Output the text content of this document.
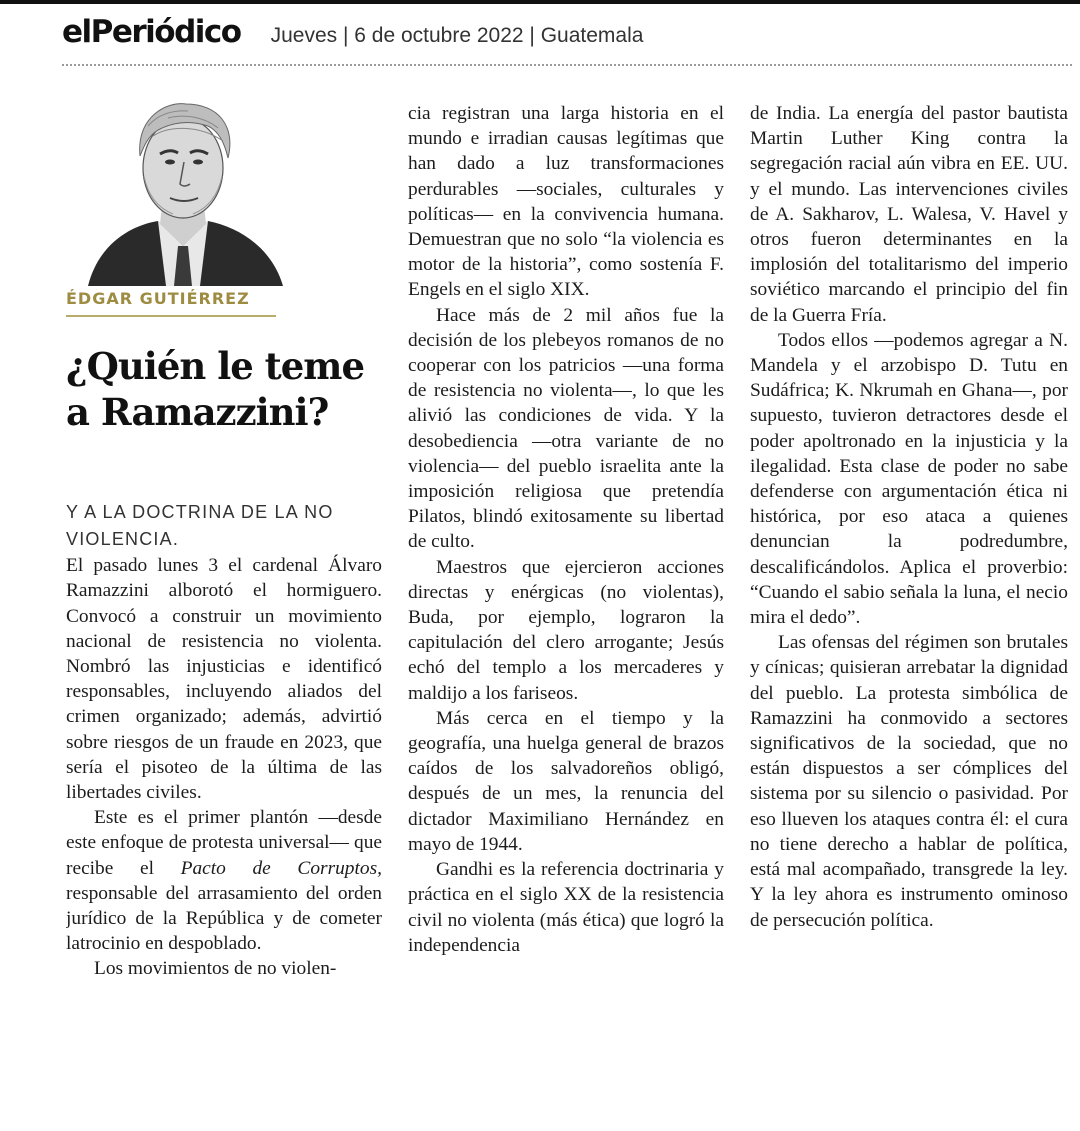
elPeriódico Jueves | 6 de octubre 2022 | Guatemala
ÉDGAR GUTIÉRREZ
¿Quién le teme a Ramazzini?

Y A LA DOCTRINA DE LA NO VIOLENCIA.

El pasado lunes 3 el cardenal Álvaro Ramazzini alborotó el hormiguero. Convocó a construir un movimiento nacional de resistencia no violenta. Nombró las injusticias e identificó responsables, incluyendo aliados del crimen organizado; además, advirtió sobre riesgos de un fraude en 2023, que sería el pisoteo de la última de las libertades civiles.

Este es el primer plantón —desde este enfoque de protesta universal— que recibe el Pacto de Corruptos, responsable del arrasamiento del orden jurídico de la República y de cometer latrocinio en despoblado.

Los movimientos de no violen-

cia registran una larga historia en el mundo e irradian causas legítimas que han dado a luz transformaciones perdurables —sociales, culturales y políticas— en la convivencia humana. Demuestran que no solo “la violencia es motor de la historia”, como sostenía F. Engels en el siglo XIX.

Hace más de 2 mil años fue la decisión de los plebeyos romanos de no cooperar con los patricios —una forma de resistencia no violenta—, lo que les alivió las condiciones de vida. Y la desobediencia —otra variante de no violencia— del pueblo israelita ante la imposición religiosa que pretendía Pilatos, blindó exitosamente su libertad de culto.

Maestros que ejercieron acciones directas y enérgicas (no violentas), Buda, por ejemplo, lograron la capitulación del clero arrogante; Jesús echó del templo a los mercaderes y maldijo a los fariseos.

Más cerca en el tiempo y la geografía, una huelga general de brazos caídos de los salvadoreños obligó, después de un mes, la renuncia del dictador Maximiliano Hernández en mayo de 1944.

Gandhi es la referencia doctrinaria y práctica en el siglo XX de la resistencia civil no violenta (más ética) que logró la independencia

de India. La energía del pastor bautista Martin Luther King contra la segregación racial aún vibra en EE. UU. y el mundo. Las intervenciones civiles de A. Sakharov, L. Walesa, V. Havel y otros fueron determinantes en la implosión del totalitarismo del imperio soviético marcando el principio del fin de la Guerra Fría.

Todos ellos —podemos agregar a N. Mandela y el arzobispo D. Tutu en Sudáfrica; K. Nkrumah en Ghana—, por supuesto, tuvieron detractores desde el poder apoltronado en la injusticia y la ilegalidad. Esta clase de poder no sabe defenderse con argumentación ética ni histórica, por eso ataca a quienes denuncian la podredumbre, descalificándolos. Aplica el proverbio: “Cuando el sabio señala la luna, el necio mira el dedo”.

Las ofensas del régimen son brutales y cínicas; quisieran arrebatar la dignidad del pueblo. La protesta simbólica de Ramazzini ha conmovido a sectores significativos de la sociedad, que no están dispuestos a ser cómplices del sistema por su silencio o pasividad. Por eso llueven los ataques contra él: el cura no tiene derecho a hablar de política, está mal acompañado, transgrede la ley. Y la ley ahora es instrumento ominoso de persecución política.
